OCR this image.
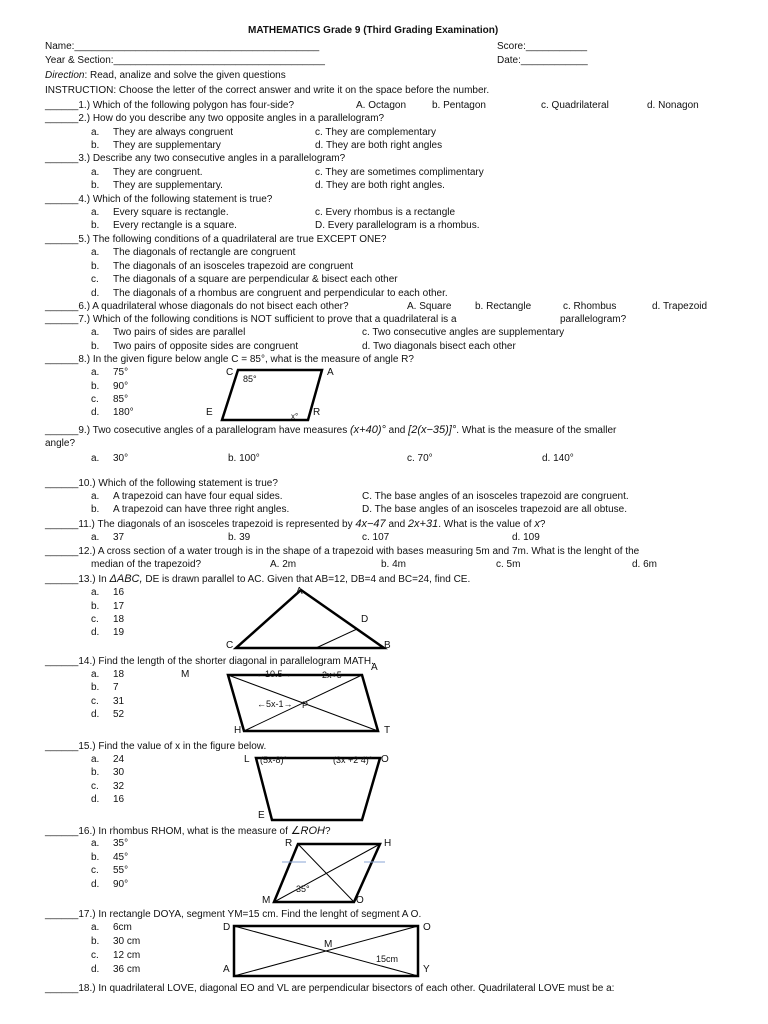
MATHEMATICS Grade 9 (Third Grading Examination)
Name:____________________________________________	Score:___________
Year & Section:______________________________________	Date:____________
Direction: Read, analize and solve the given questions
INSTRUCTION: Choose the letter of the correct answer and write it on the space before the number.
______1.) Which of the following polygon has four-side?	A. Octagon	b. Pentagon	c. Quadrilateral	d. Nonagon
______2.) How do you describe any two opposite angles in a parallelogram?
a. They are always congruent	c. They are complementary
b. They are supplementary	d. They are both right angles
______3.) Describe any two consecutive angles in a parallelogram?
a. They are congruent.	c. They are sometimes complimentary
b. They are supplementary.	d. They are both right angles.
______4.) Which of the following statement is true?
a. Every square is rectangle.	c. Every rhombus is a rectangle
b. Every rectangle is a square.	D. Every parallelogram is a rhombus.
______5.) The following conditions of a quadrilateral are true EXCEPT ONE?
a. The diagonals of rectangle are congruent
b. The diagonals of an isosceles trapezoid are congruent
c. The diagonals of a square are perpendicular & bisect each other
d. The diagonals of a rhombus are congruent and perpendicular to each other.
______6.) A quadrilateral whose diagonals do not bisect each other?	A. Square b. Rectangle	c. Rhombus	d. Trapezoid
______7.) Which of the following conditions is NOT sufficient to prove that a quadrilateral is a	parallelogram?
a. Two pairs of sides are parallel	c. Two consecutive angles are supplementary
b. Two pairs of opposite sides are congruent	d. Two diagonals bisect each other
______8.) In the given figure below angle C = 85°, what is the measure of angle R?
a. 75°
b. 90°
c. 85°
d. 180°
C	A
E	R
85°
x°
______9.) Two cosecutive angles of a parallelogram have measures (x+40)° and [2(x−35)]°. What is the measure of the smaller
angle?
a. 30°	b. 100°	c. 70°	d. 140°
______10.) Which of the following statement is true?
a. A trapezoid can have four equal sides.	C. The base angles of an isosceles trapezoid are congruent.
b. A trapezoid can have three right angles.	D. The base angles of an isosceles trapezoid are all obtuse.
______11.) The diagonals of an isosceles trapezoid is represented by 4x−47 and 2x+31. What is the value of x?
a. 37	b. 39	c. 107	d. 109
______12.) A cross section of a water trough is in the shape of a trapezoid with bases measuring 5m and 7m. What is the lenght of the
median of the trapezoid?	A. 2m	b. 4m	c. 5m	d. 6m
______13.) In ΔABC, DE is drawn parallel to AC. Given that AB=12, DB=4 and BC=24, find CE.
a. 16
b. 17
c. 18
d. 19
A
C	B
D
______14.) Find the length of the shorter diagonal in parallelogram MATH.
a. 18
b. 7
c. 31
d. 52
M
A
T
H
P
←10.5→	2x+5
←5x-1→
______15.) Find the value of x in the figure below.
a. 24
b. 30
c. 32
d. 16
L	O
E
(5x-8)°	(3x +2 4)°
______16.) In rhombus RHOM, what is the measure of ∠ROH?
a. 35°
b. 45°
c. 55°
d. 90°
R	H
M	O
35°
______17.) In rectangle DOYA, segment YM=15 cm. Find the lenght of segment A O.
a. 6cm
b. 30 cm
c. 12 cm
d. 36 cm
D	O
A	Y
M
15cm
______18.) In quadrilateral LOVE, diagonal EO and VL are perpendicular bisectors of each other. Quadrilateral LOVE must be a:
